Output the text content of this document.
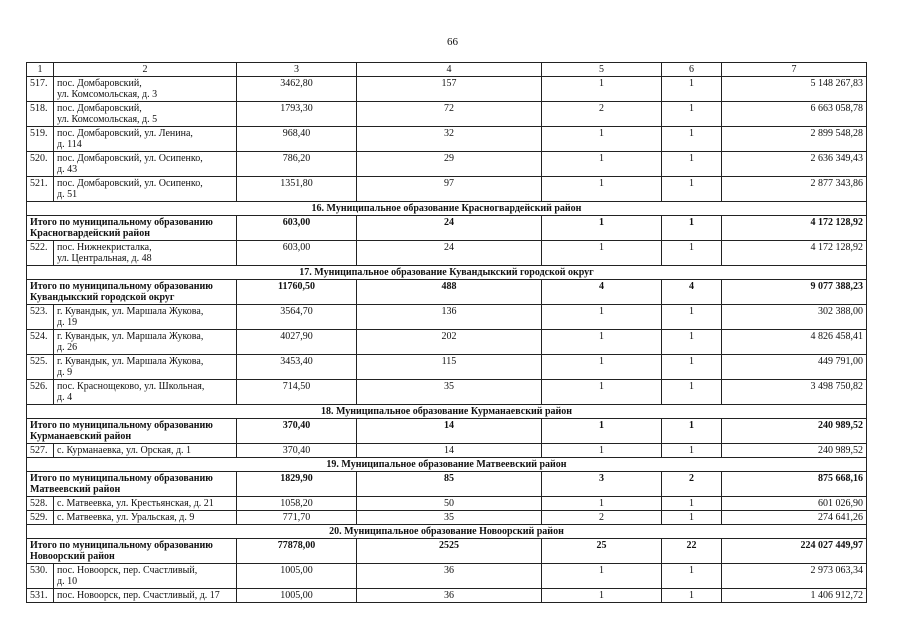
66
1	2	3	4	5	6	7
517.	пос. Домбаровский,
ул. Комсомольская, д. 3	3462,80	157	1	1	5 148 267,83
518.	пос. Домбаровский,
ул. Комсомольская, д. 5	1793,30	72	2	1	6 663 058,78
519.	пос. Домбаровский, ул. Ленина,
д. 114	968,40	32	1	1	2 899 548,28
520.	пос. Домбаровский, ул. Осипенко,
д. 43	786,20	29	1	1	2 636 349,43
521.	пос. Домбаровский, ул. Осипенко,
д. 51	1351,80	97	1	1	2 877 343,86
16. Муниципальное образование Красногвардейский район						
Итого по муниципальному образованию
Красногвардейский район		603,00	24	1	1	4 172 128,92
522.	пос. Нижнекристалка,
ул. Центральная, д. 48	603,00	24	1	1	4 172 128,92
17. Муниципальное образование Кувандыкский городской округ						
Итого по муниципальному образованию
Кувандыкский городской округ		11760,50	488	4	4	9 077 388,23
523.	г. Кувандык, ул. Маршала Жукова,
д. 19	3564,70	136	1	1	302 388,00
524.	г. Кувандык, ул. Маршала Жукова,
д. 26	4027,90	202	1	1	4 826 458,41
525.	г. Кувандык, ул. Маршала Жукова,
д. 9	3453,40	115	1	1	449 791,00
526.	пос. Краснощеково, ул. Школьная,
д. 4	714,50	35	1	1	3 498 750,82
18. Муниципальное образование Курманаевский район						
Итого по муниципальному образованию
Курманаевский район		370,40	14	1	1	240 989,52
527.	с. Курманаевка, ул. Орская, д. 1	370,40	14	1	1	240 989,52
19. Муниципальное образование Матвеевский район						
Итого по муниципальному образованию
Матвеевский район		1829,90	85	3	2	875 668,16
528.	с. Матвеевка, ул. Крестьянская, д. 21	1058,20	50	1	1	601 026,90
529.	с. Матвеевка, ул. Уральская, д. 9	771,70	35	2	1	274 641,26
20. Муниципальное образование Новоорский район						
Итого по муниципальному образованию
Новоорский район		77878,00	2525	25	22	224 027 449,97
530.	пос. Новоорск, пер. Счастливый,
д. 10	1005,00	36	1	1	2 973 063,34
531.	пос. Новоорск, пер. Счастливый, д. 17	1005,00	36	1	1	1 406 912,72
